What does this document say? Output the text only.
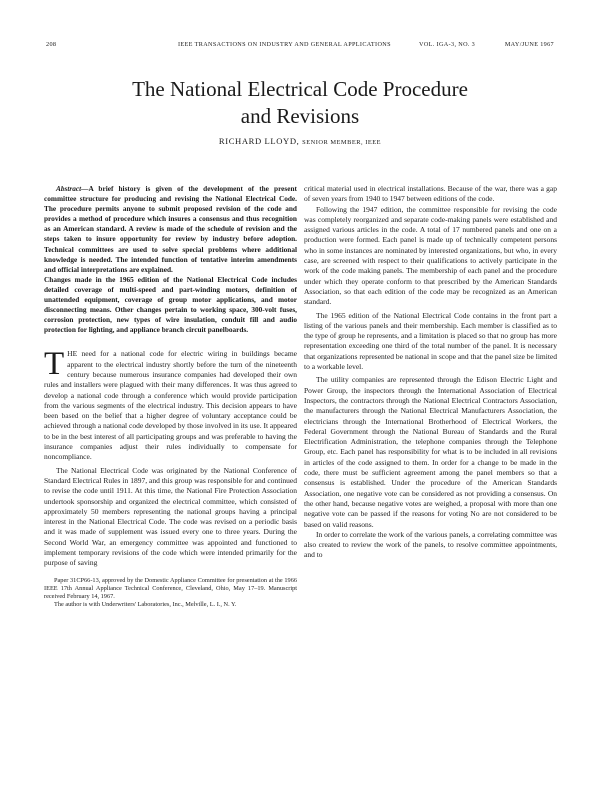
208	IEEE TRANSACTIONS ON INDUSTRY AND GENERAL APPLICATIONS	VOL. IGA-3, NO. 3	MAY/JUNE 1967
The National Electrical Code Procedure
and Revisions
RICHARD LLOYD, SENIOR MEMBER, IEEE

Abstract—A brief history is given of the development of the present committee structure for producing and revising the National Electrical Code. The procedure permits anyone to submit proposed revision of the code and provides a method of procedure which insures a consensus and thus recognition as an American standard. A review is made of the schedule of revision and the steps taken to insure opportunity for review by industry before adoption. Technical committees are used to solve special problems where additional knowledge is needed. The intended function of tentative interim amendments and official interpretations are explained.

Changes made in the 1965 edition of the National Electrical Code includes detailed coverage of multi-speed and part-winding motors, definition of unattended equipment, coverage of group motor applications, and motor disconnecting means. Other changes pertain to working space, 300-volt fuses, corrosion protection, new types of wire insulation, conduit fill and audio protection for lighting, and appliance branch circuit panelboards.

THE need for a national code for electric wiring in buildings became apparent to the electrical industry shortly before the turn of the nineteenth century because numerous insurance companies had developed their own rules and installers were plagued with their many differences. It was thus agreed to develop a national code through a conference which would provide participation from the various segments of the electrical industry. This decision appears to have been based on the belief that a higher degree of voluntary acceptance could be achieved through a national code developed by those involved in its use. It appeared to be in the best interest of all participating groups and was preferable to having the insurance companies adjust their rules individually to compensate for noncompliance.

The National Electrical Code was originated by the National Conference of Standard Electrical Rules in 1897, and this group was responsible for and continued to revise the code until 1911. At this time, the National Fire Protection Association undertook sponsorship and organized the electrical committee, which consisted of approximately 50 members representing the national groups having a principal interest in the National Electrical Code. The code was revised on a periodic basis and it was made of supplement was issued every one to three years. During the Second World War, an emergency committee was appointed and functioned to implement temporary revisions of the code which were intended primarily for the purpose of saving

Paper 31CP66-13, approved by the Domestic Appliance Committee for presentation at the 1966 IEEE 17th Annual Appliance Technical Conference, Cleveland, Ohio, May 17–19. Manuscript received February 14, 1967.

The author is with Underwriters' Laboratories, Inc., Melville, L. I., N. Y.

critical material used in electrical installations. Because of the war, there was a gap of seven years from 1940 to 1947 between editions of the code.

Following the 1947 edition, the committee responsible for revising the code was completely reorganized and separate code-making panels were established and assigned various articles in the code. A total of 17 numbered panels and one on a production were formed. Each panel is made up of technically competent persons who in some instances are nominated by interested organizations, but who, in every case, are screened with respect to their qualifications to actively participate in the work of the code making panels. The membership of each panel and the procedure under which they operate conform to that prescribed by the American Standards Association, so that each edition of the code may be recognized as an American standard.

The 1965 edition of the National Electrical Code contains in the front part a listing of the various panels and their membership. Each member is classified as to the type of group he represents, and a limitation is placed so that no group has more representation exceeding one third of the total number of the panel. It is necessary that organizations represented be national in scope and that the panel size be limited to a workable level.

The utility companies are represented through the Edison Electric Light and Power Group, the inspectors through the International Association of Electrical Inspectors, the contractors through the National Electrical Contractors Association, the manufacturers through the National Electrical Manufacturers Association, the electricians through the International Brotherhood of Electrical Workers, the Federal Government through the National Bureau of Standards and the Rural Electrification Administration, the telephone companies through the Telephone Group, etc. Each panel has responsibility for what is to be included in all revisions in articles of the code assigned to them. In order for a change to be made in the code, there must be sufficient agreement among the panel members so that a consensus is established. Under the procedure of the American Standards Association, one negative vote can be considered as not providing a consensus. On the other hand, because negative votes are weighed, a proposal with more than one negative vote can be passed if the reasons for voting No are not considered to be based on valid reasons.

In order to correlate the work of the various panels, a correlating committee was also created to review the work of the panels, to resolve committee appointments, and to
